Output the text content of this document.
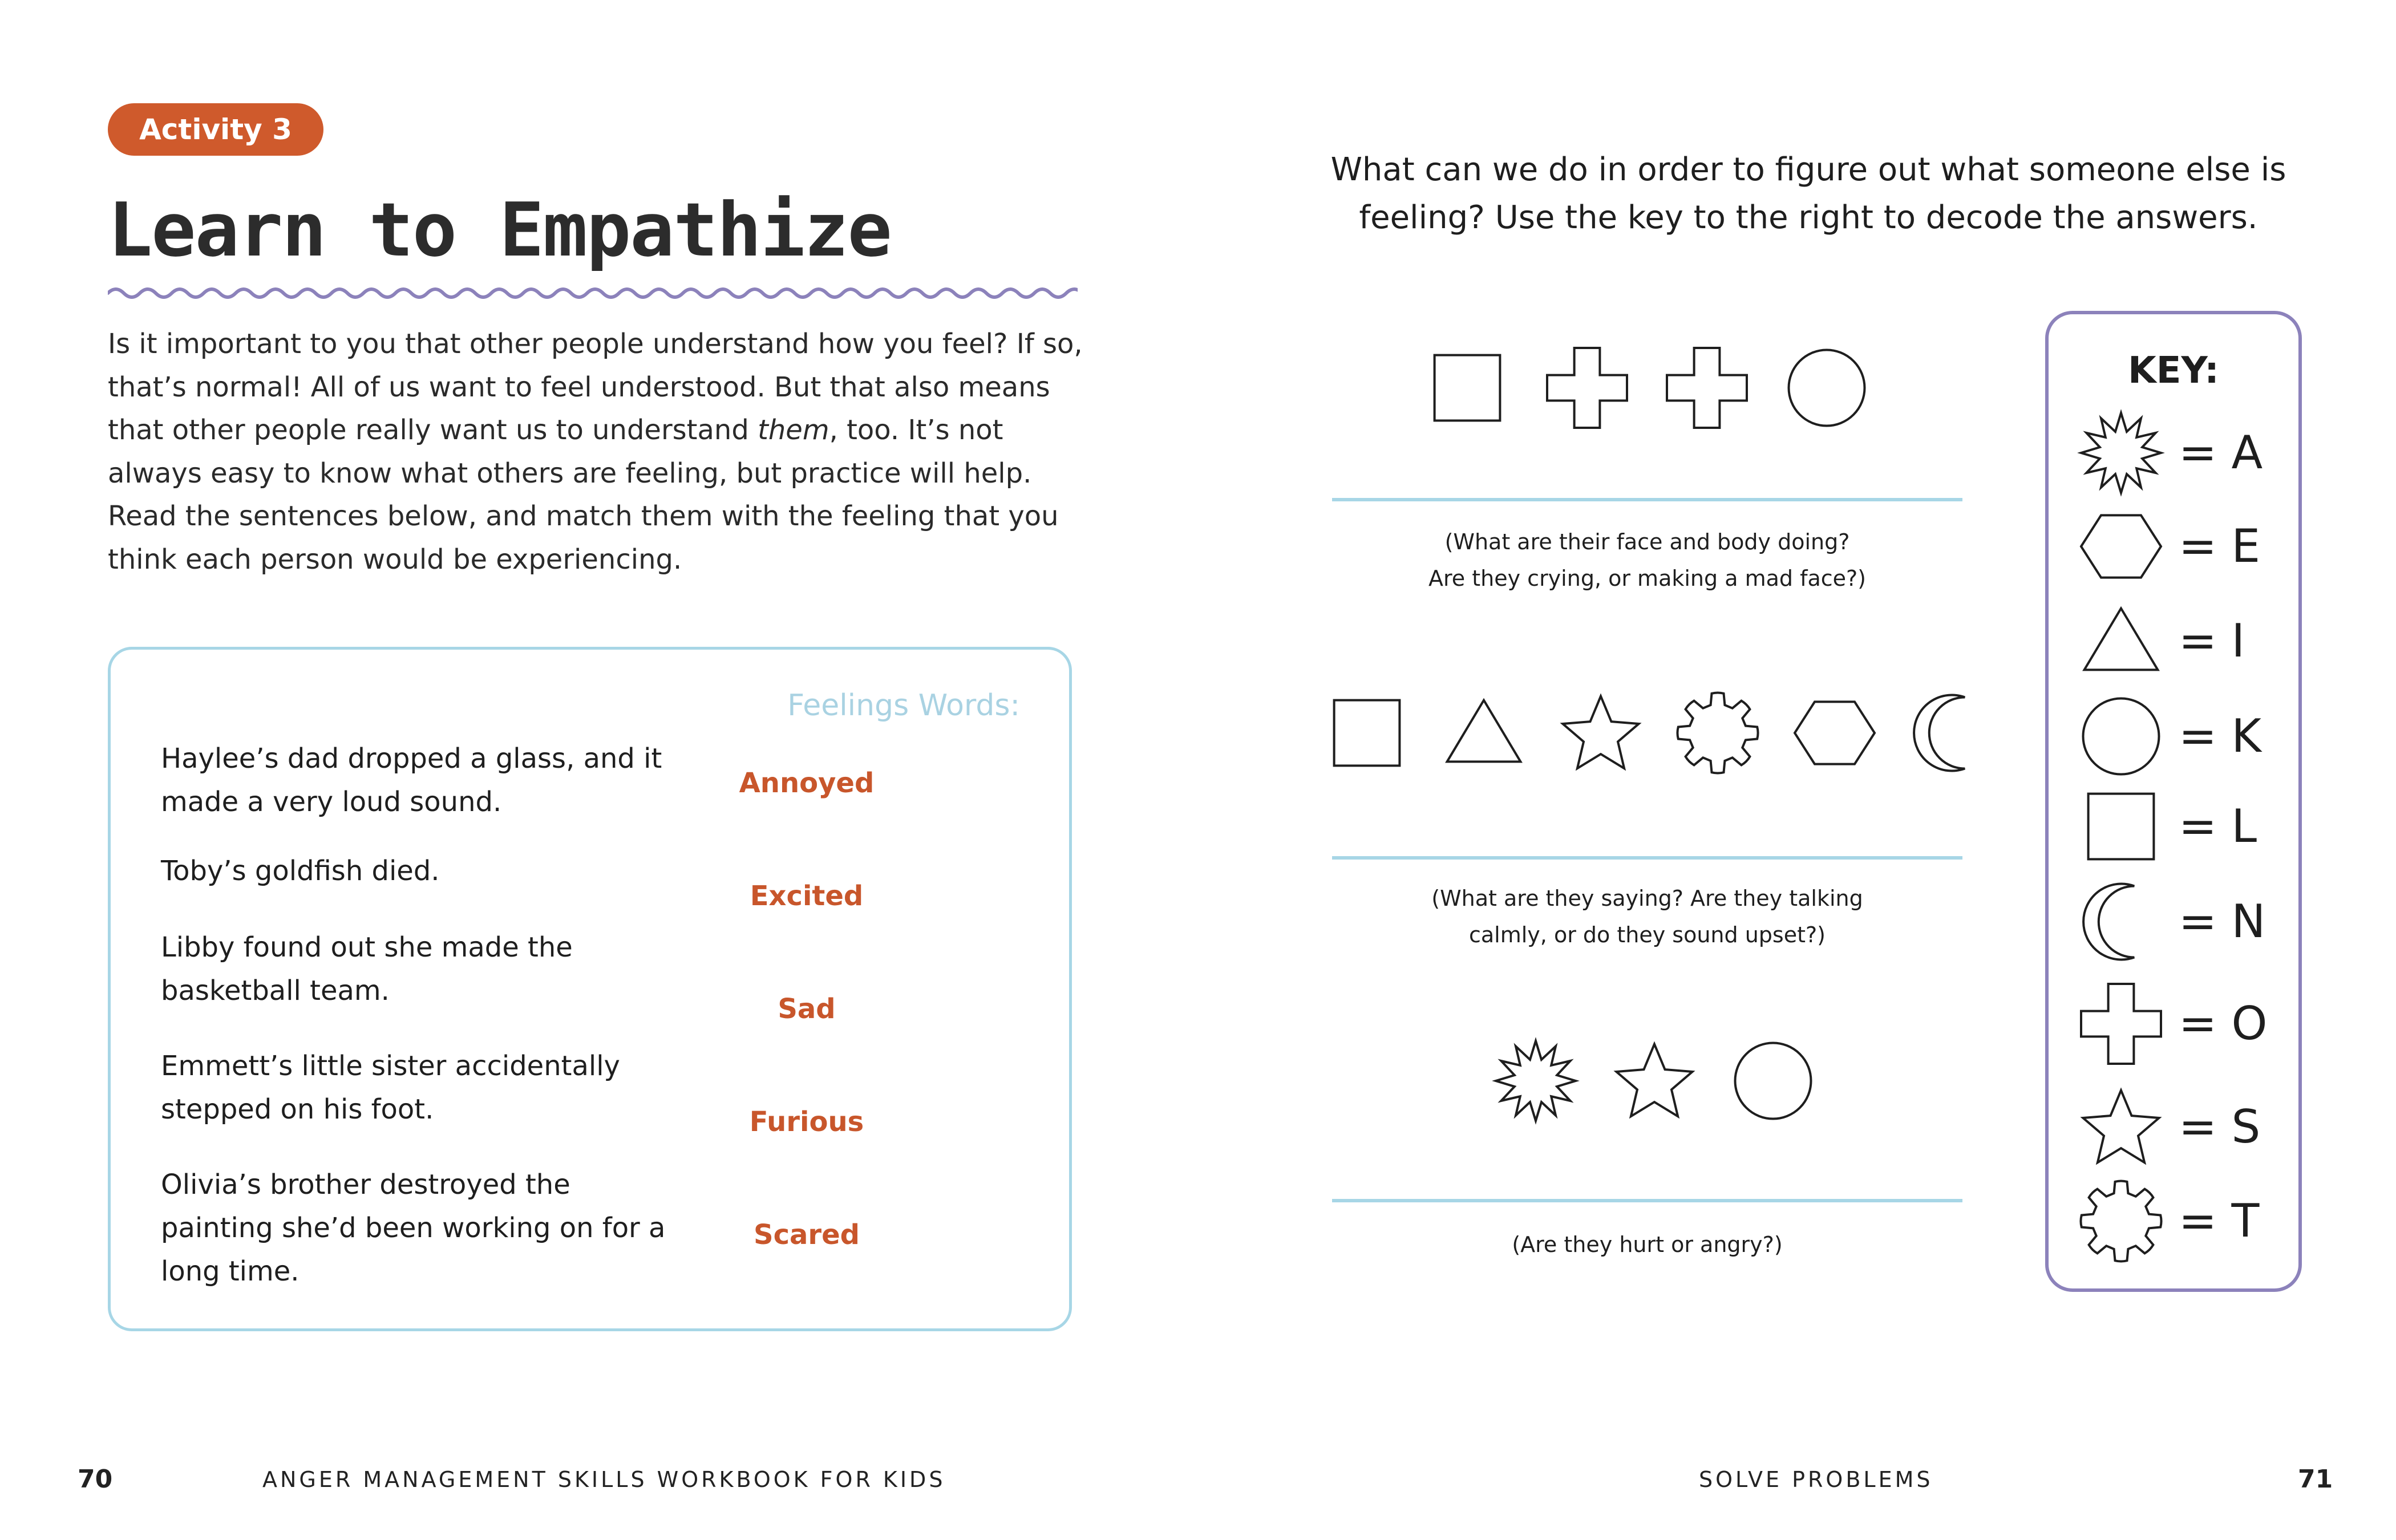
Activity 3
Learn to Empathize

Is it important to you that other people understand how you feel? If so, that’s normal! All of us want to feel understood. But that also means that other people really want us to understand them, too. It’s not always easy to know what others are feeling, but practice will help. Read the sentences below, and match them with the feeling that you think each person would be experiencing.

Feelings Words:

Haylee’s dad dropped a glass, and it made a very loud sound.

Toby’s goldfish died.

Libby found out she made the basketball team.

Emmett’s little sister accidentally stepped on his foot.

Olivia’s brother destroyed the painting she’d been working on for a long time.

Annoyed

Excited

Sad

Furious

Scared

70	ANGER MANAGEMENT SKILLS WORKBOOK FOR KIDS

What can we do in order to figure out what someone else is feeling? Use the key to the right to decode the answers.

(What are their face and body doing?
Are they crying, or making a mad face?)

(What are they saying? Are they talking
calmly, or do they sound upset?)

(Are they hurt or angry?)

KEY:

= A
= E
= I
= K
= L
= N
= O
= S
= T
SOLVE PROBLEMS	71
